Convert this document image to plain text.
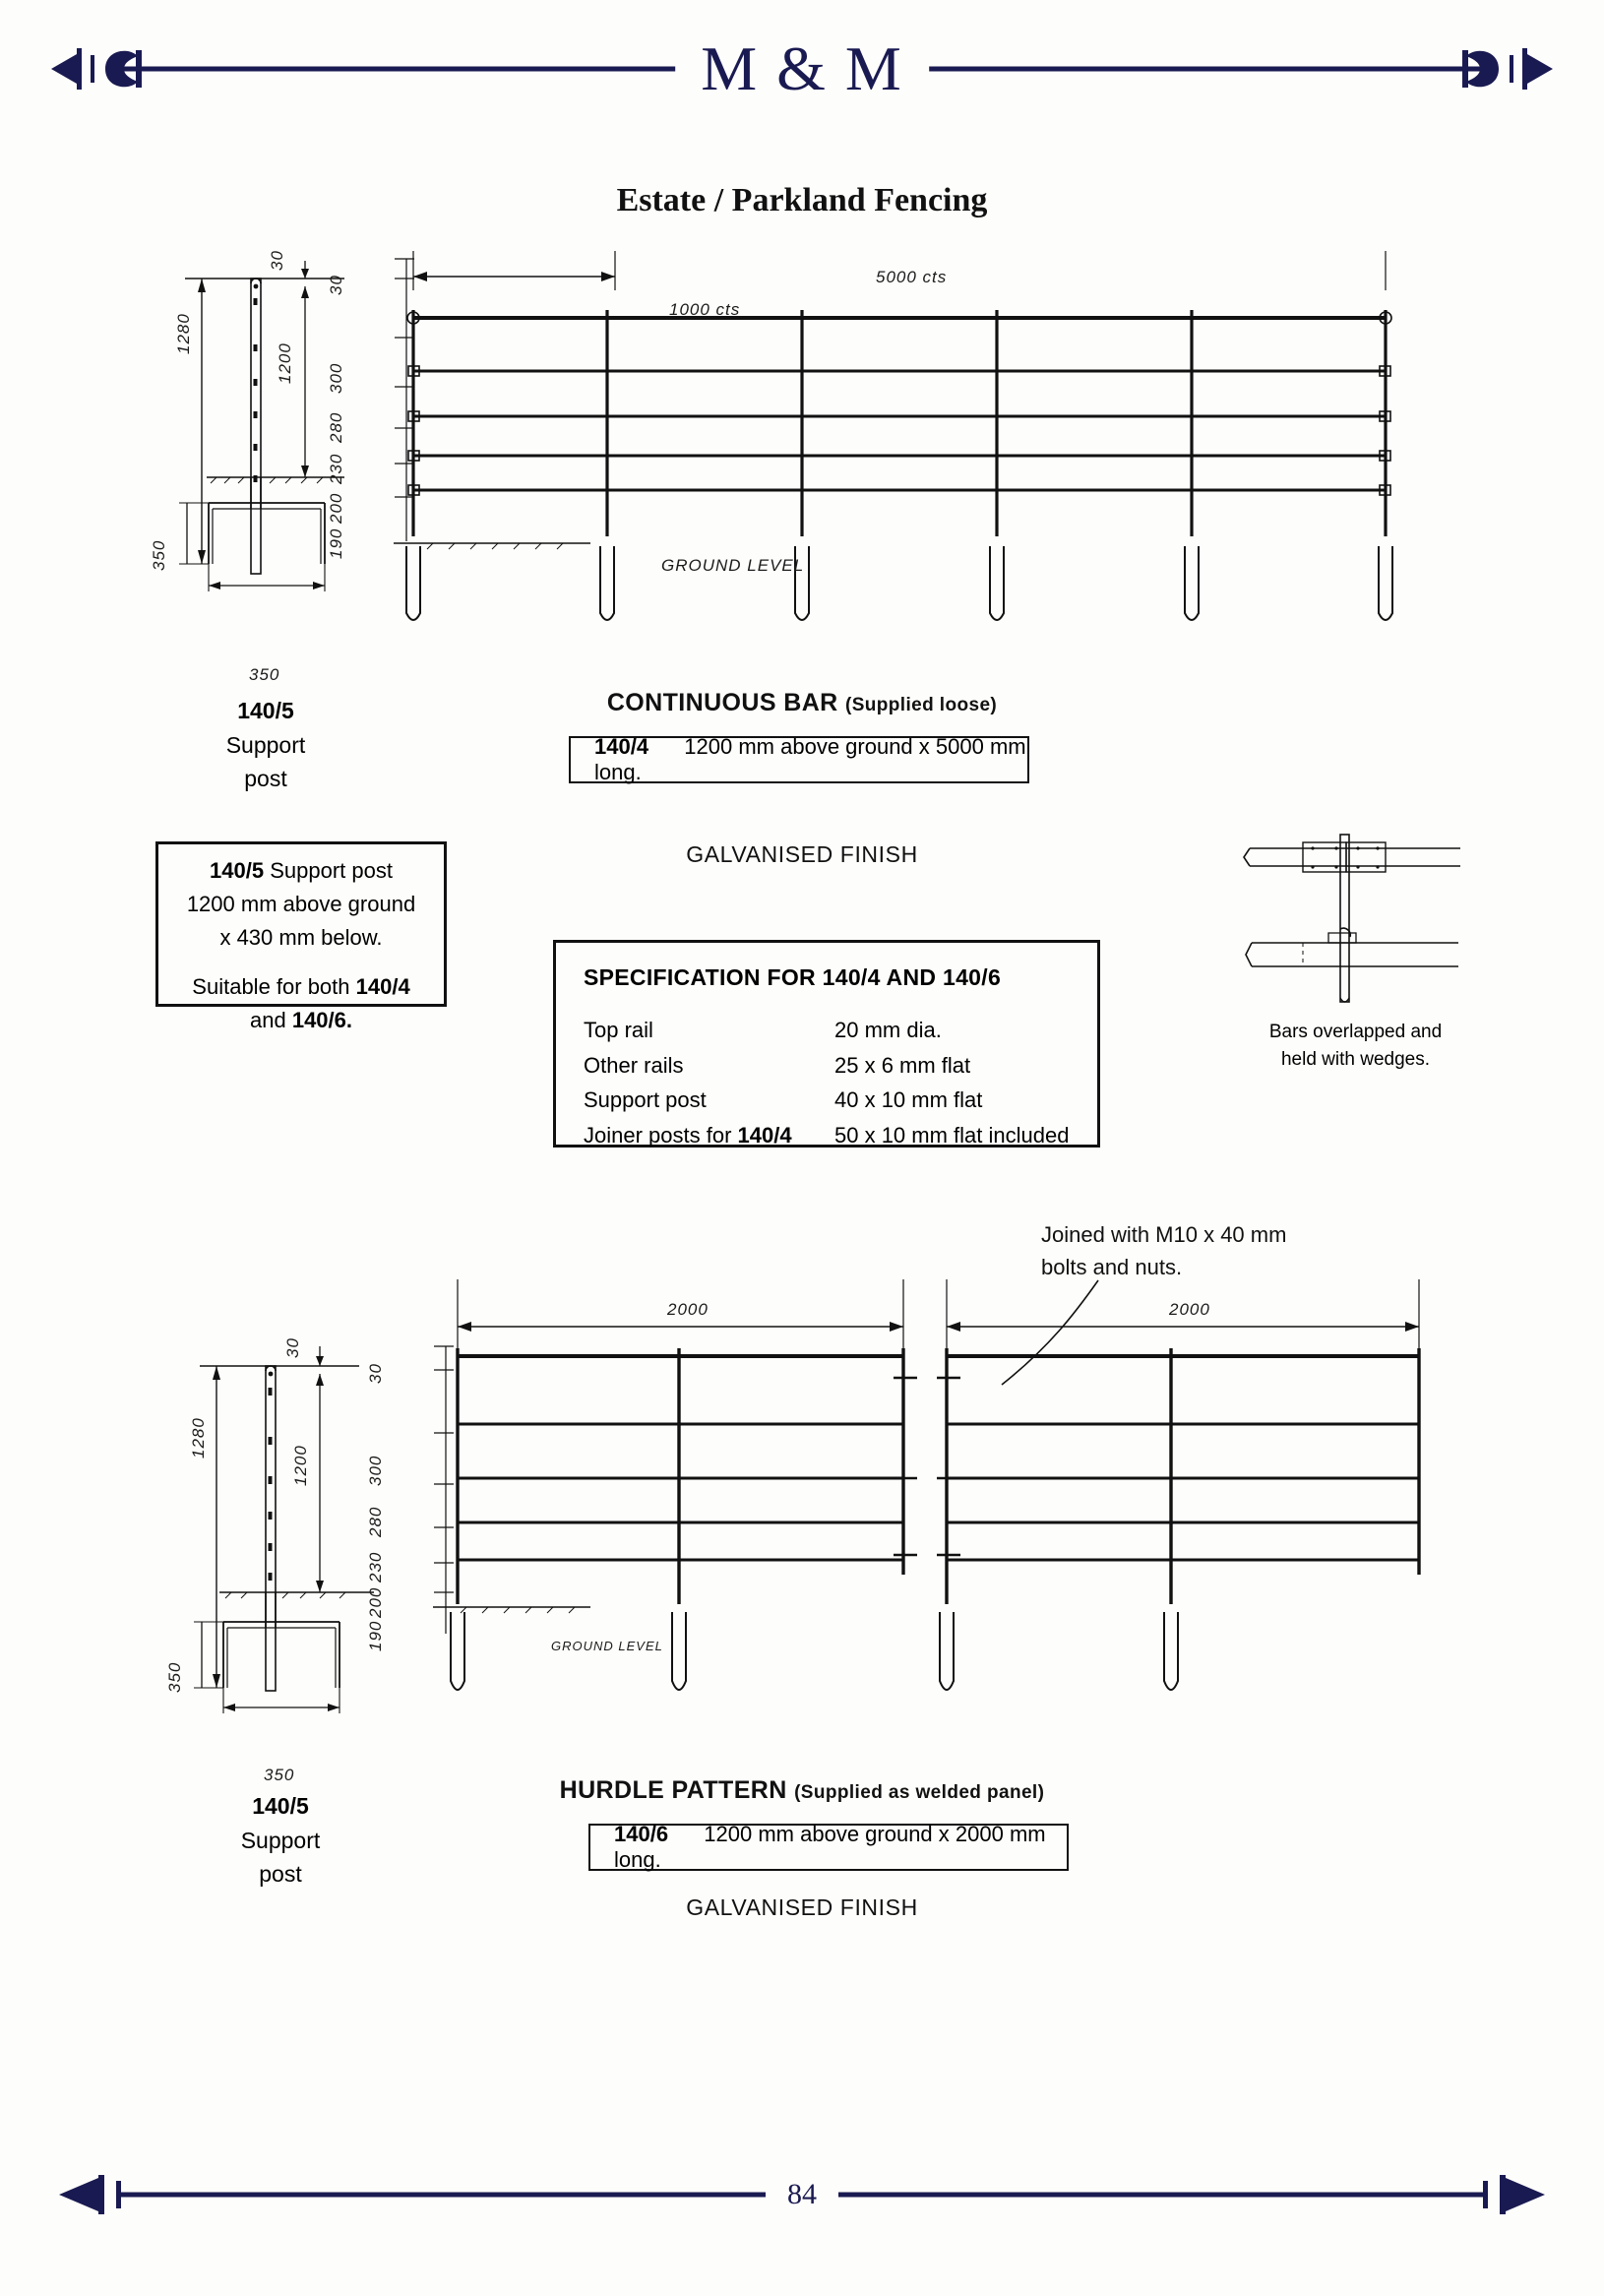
M & M
Estate / Parkland Fencing
1280
1200
30
350
350
140/5
Support
post
30
300
280
230
200
190
1000 cts
5000 cts
GROUND LEVEL
CONTINUOUS BAR (Supplied loose)
140/4 1200 mm above ground x 5000 mm long.
GALVANISED FINISH
140/5 Support post
1200 mm above ground
x 430 mm below.
Suitable for both 140/4
and 140/6.
SPECIFICATION FOR 140/4 AND 140/6
Top rail	20 mm dia.
Other rails	25 x 6 mm flat
Support post	40 x 10 mm flat
Joiner posts for 140/4	50 x 10 mm flat included
Bars overlapped and
held with wedges.
Joined with M10 x 40 mm
bolts and nuts.
1280
1200
30
350
350
140/5
Support
post
30
300
280
230
200
190
2000	2000
GROUND LEVEL
HURDLE PATTERN (Supplied as welded panel)
140/6 1200 mm above ground x 2000 mm long.
GALVANISED FINISH
84
